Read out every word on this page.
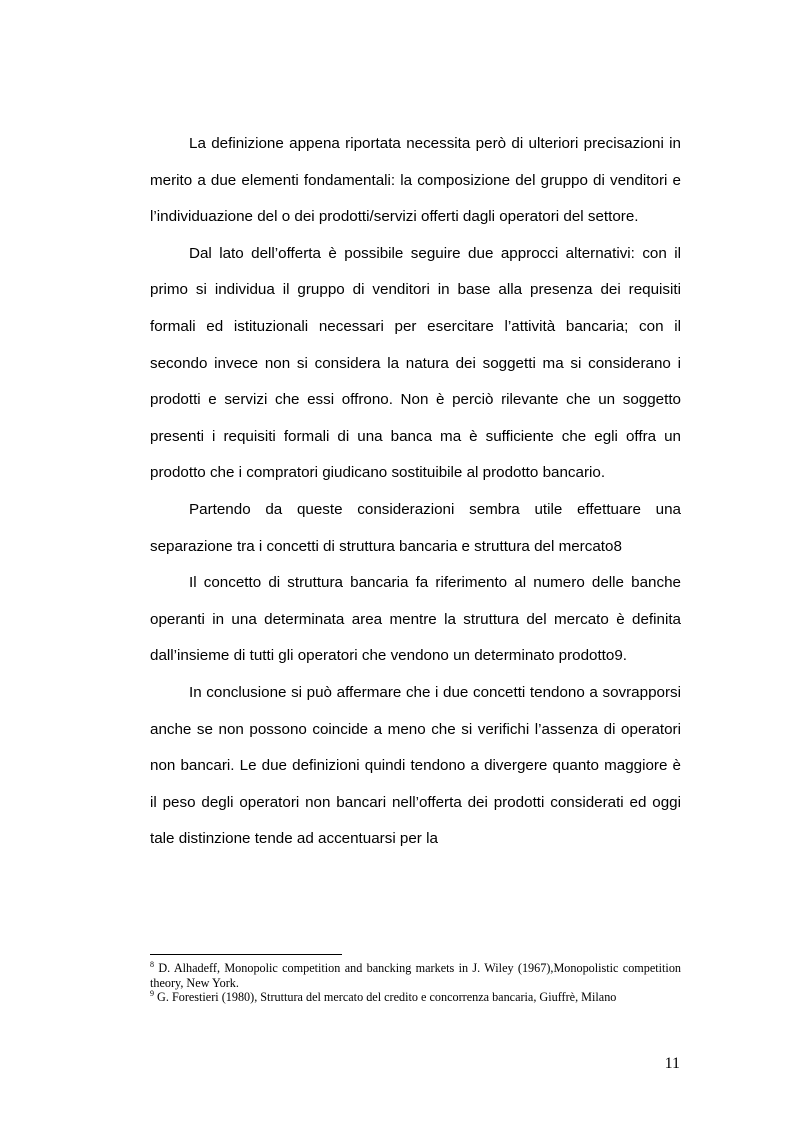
La definizione appena riportata necessita però di ulteriori precisazioni in merito a due elementi fondamentali: la composizione del gruppo di venditori e l’individuazione del o dei prodotti/servizi offerti dagli operatori del settore.

Dal lato dell’offerta è possibile seguire due approcci alternativi: con il primo si individua il gruppo di venditori in base alla presenza dei requisiti formali ed istituzionali necessari per esercitare l’attività bancaria; con il secondo invece non si considera la natura dei soggetti ma si considerano i prodotti e servizi che essi offrono. Non è perciò rilevante che un soggetto presenti i requisiti formali di una banca ma è sufficiente che egli offra un prodotto che i compratori giudicano sostituibile al prodotto bancario.

Partendo da queste considerazioni sembra utile effettuare una separazione tra i concetti di struttura bancaria e struttura del mercato8

Il concetto di struttura bancaria fa riferimento al numero delle banche operanti in una determinata area mentre la struttura del mercato è definita dall’insieme di tutti gli operatori che vendono un determinato prodotto9.

In conclusione si può affermare che i due concetti tendono a sovrapporsi anche se non possono coincide a meno che si verifichi l’assenza di operatori non bancari. Le due definizioni quindi tendono a divergere quanto maggiore è il peso degli operatori non bancari nell’offerta dei prodotti considerati ed oggi tale distinzione tende ad accentuarsi per la

$^8$ D. Alhadeff, Monopolic competition and bancking markets in J. Wiley (1967),Monopolistic competition theory, New York.

$^9$ G. Forestieri (1980), Struttura del mercato del credito e concorrenza bancaria, Giuffrè, Milano

11
